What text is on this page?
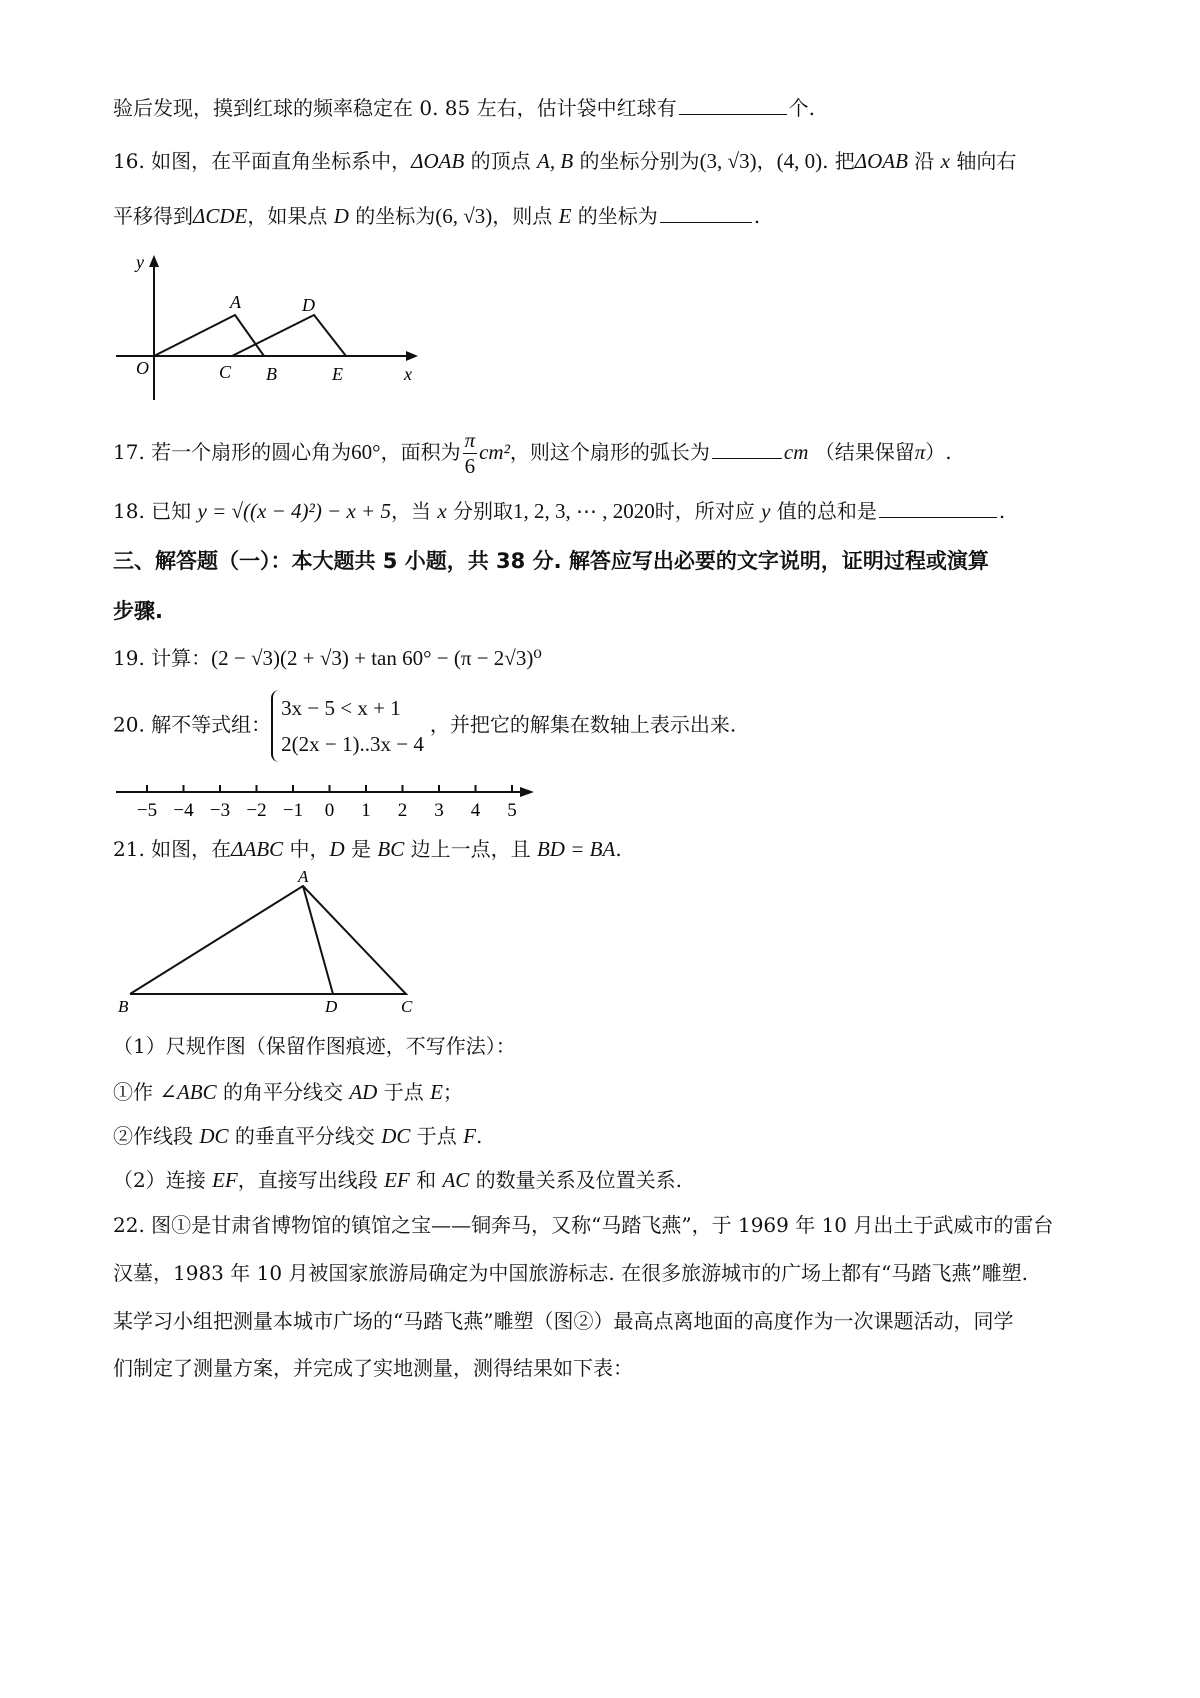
验后发现，摸到红球的频率稳定在 0. 85 左右，估计袋中红球有	个.
16. 如图，在平面直角坐标系中，ΔOAB 的顶点 A, B 的坐标分别为(3, √3)，(4, 0). 把ΔOAB 沿 x 轴向右
平移得到ΔCDE，如果点 D 的坐标为(6, √3)，则点 E 的坐标为	.
y
x
O
A
B
C
D
E
17. 若一个扇形的圆心角为60°，面积为 $\frac{\pi}{6} cm^2$，则这个扇形的弧长为	cm （结果保留π）.
18. 已知 y = √((x − 4)²) − x + 5，当 x 分别取1, 2, 3, ⋯ , 2020时，所对应 y 值的总和是	.
三、解答题（一）：本大题共 5 小题，共 38 分. 解答应写出必要的文字说明，证明过程或演算
步骤.
19. 计算：(2 − √3)(2 + √3) + tan 60° − (π − 2√3)⁰
20. 解不等式组：
3x − 5 < x + 1
2(2x − 1)..3x − 4
，并把它的解集在数轴上表示出来.
−5 −4 −3 −2 −1 0 1 2 3 4 5
21. 如图，在ΔABC 中，D 是 BC 边上一点，且 BD = BA.
A
B	D	C
（1）尺规作图（保留作图痕迹，不写作法）：
①作 ∠ABC 的角平分线交 AD 于点 E；
②作线段 DC 的垂直平分线交 DC 于点 F.
（2）连接 EF，直接写出线段 EF 和 AC 的数量关系及位置关系.
22. 图①是甘肃省博物馆的镇馆之宝——铜奔马，又称“马踏飞燕”，于 1969 年 10 月出土于武威市的雷台
汉墓，1983 年 10 月被国家旅游局确定为中国旅游标志. 在很多旅游城市的广场上都有“马踏飞燕”雕塑.
某学习小组把测量本城市广场的“马踏飞燕”雕塑（图②）最高点离地面的高度作为一次课题活动，同学
们制定了测量方案，并完成了实地测量，测得结果如下表：
